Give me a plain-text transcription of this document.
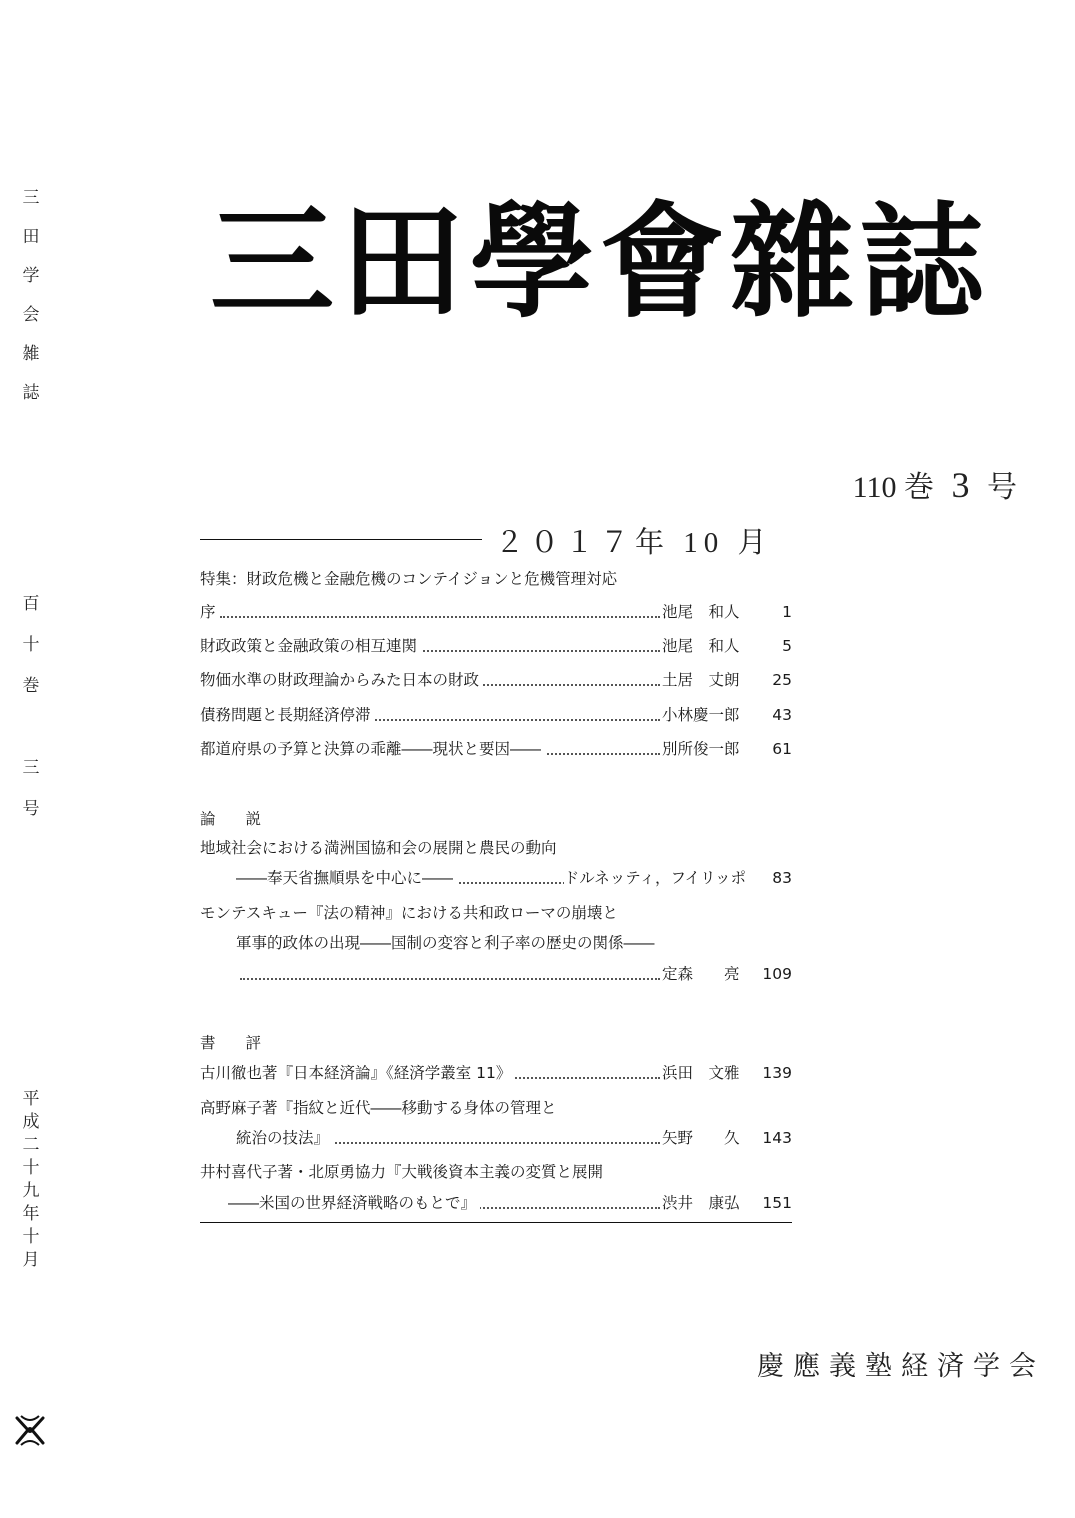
三
田
学
会
雑
誌
百
十
巻

三
号
平
成
二
十
九
年
十
月
三田學會雜誌
110 巻 3 号
２０１７年 10 月
特集：財政危機と金融危機のコンテイジョンと危機管理対応
序	池尾　和人	1
財政政策と金融政策の相互連関	池尾　和人	5
物価水準の財政理論からみた日本の財政	土居　丈朗 25
債務問題と長期経済停滞	小林慶一郎 43
都道府県の予算と決算の乖離――現状と要因――	別所俊一郎 61
論説
地域社会における満洲国協和会の展開と農民の動向
――奉天省撫順県を中心に――	ドルネッティ，フイリッポ 83
モンテスキュー『法の精神』における共和政ローマの崩壊と
軍事的政体の出現――国制の変容と利子率の歴史の関係――
定森　　亮 109
書評
古川徹也著『日本経済論』《経済学叢室 11》	浜田　文雅 139
高野麻子著『指紋と近代――移動する身体の管理と
統治の技法』	矢野　　久 143
井村喜代子著・北原勇協力『大戦後資本主義の変質と展開
――米国の世界経済戦略のもとで』	渋井　康弘 151
慶應義塾経済学会
